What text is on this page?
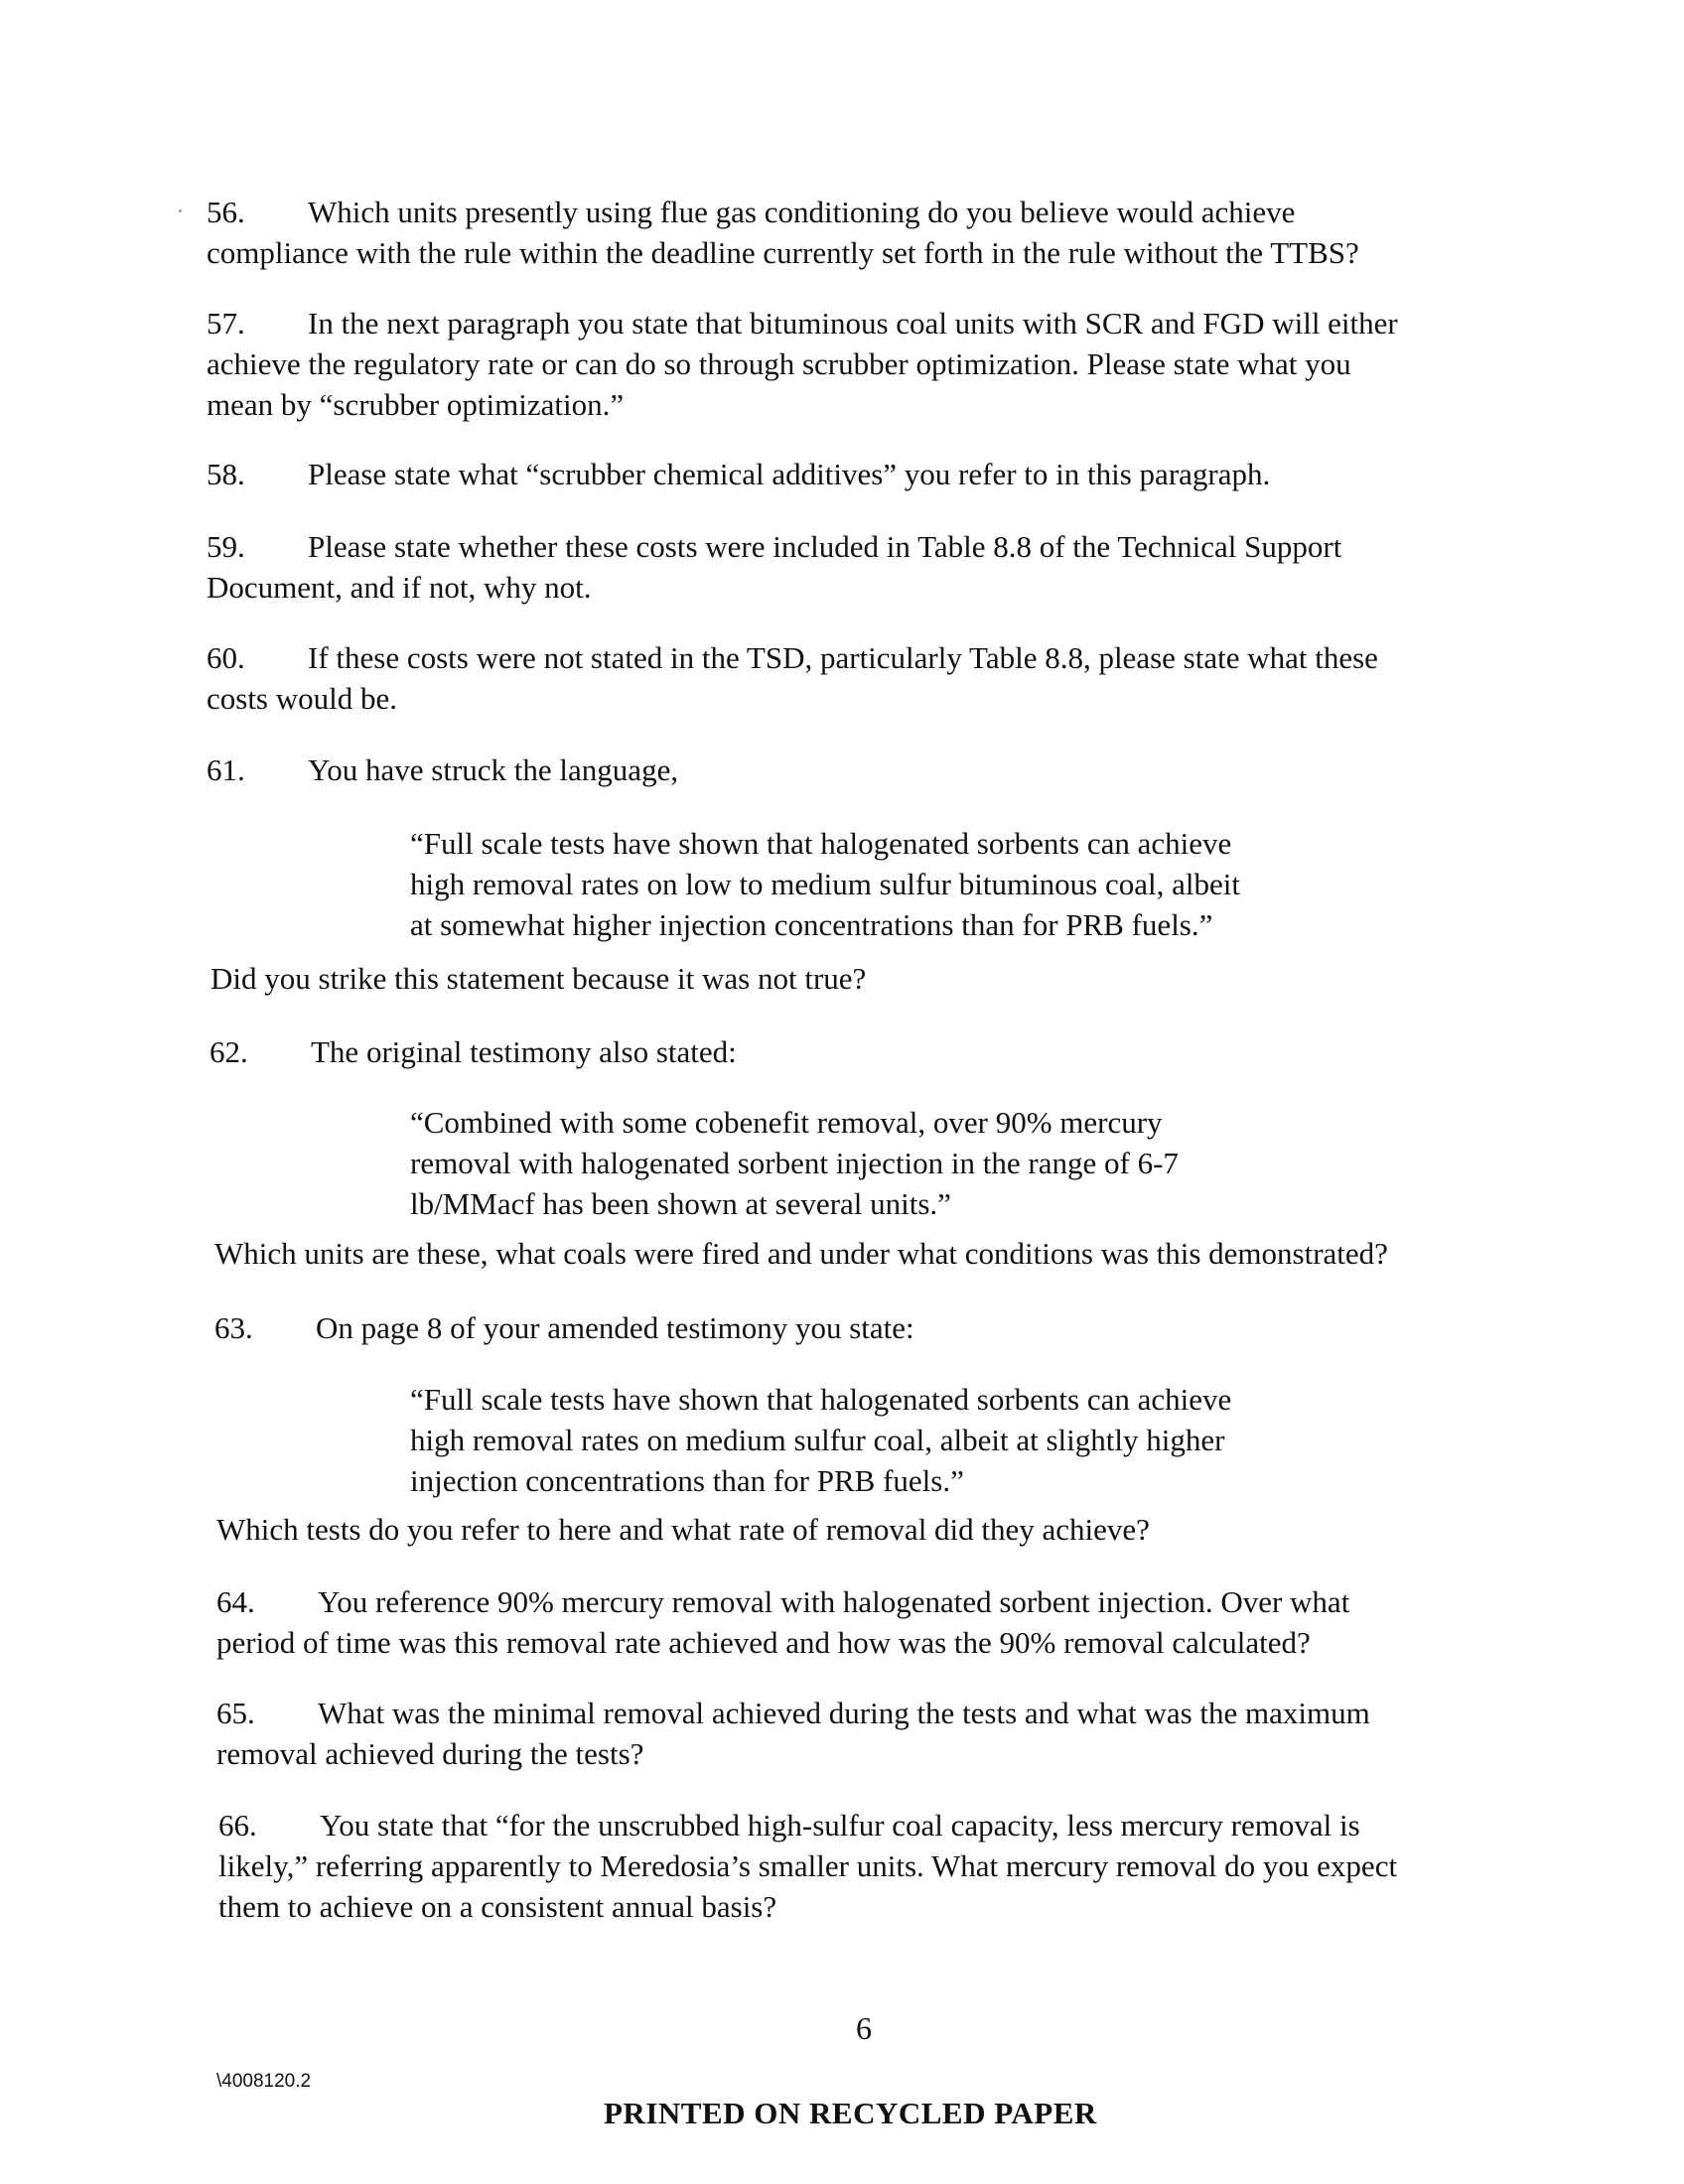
56. Which units presently using flue gas conditioning do you believe would achieve
compliance with the rule within the deadline currently set forth in the rule without the TTBS?
57. In the next paragraph you state that bituminous coal units with SCR and FGD will either
achieve the regulatory rate or can do so through scrubber optimization. Please state what you
mean by “scrubber optimization.”
58. Please state what “scrubber chemical additives” you refer to in this paragraph.
59. Please state whether these costs were included in Table 8.8 of the Technical Support
Document, and if not, why not.
60. If these costs were not stated in the TSD, particularly Table 8.8, please state what these
costs would be.
61. You have struck the language,

“Full scale tests have shown that halogenated sorbents can achieve

high removal rates on low to medium sulfur bituminous coal, albeit

at somewhat higher injection concentrations than for PRB fuels.”

Did you strike this statement because it was not true?
62. The original testimony also stated:

“Combined with some cobenefit removal, over 90% mercury

removal with halogenated sorbent injection in the range of 6-7

lb/MMacf has been shown at several units.”

Which units are these, what coals were fired and under what conditions was this demonstrated?
63. On page 8 of your amended testimony you state:

“Full scale tests have shown that halogenated sorbents can achieve

high removal rates on medium sulfur coal, albeit at slightly higher

injection concentrations than for PRB fuels.”

Which tests do you refer to here and what rate of removal did they achieve?
64. You reference 90% mercury removal with halogenated sorbent injection. Over what
period of time was this removal rate achieved and how was the 90% removal calculated?
65. What was the minimal removal achieved during the tests and what was the maximum
removal achieved during the tests?
66. You state that “for the unscrubbed high-sulfur coal capacity, less mercury removal is
likely,” referring apparently to Meredosia’s smaller units. What mercury removal do you expect
them to achieve on a consistent annual basis?
6
\4008120.2
PRINTED ON RECYCLED PAPER
